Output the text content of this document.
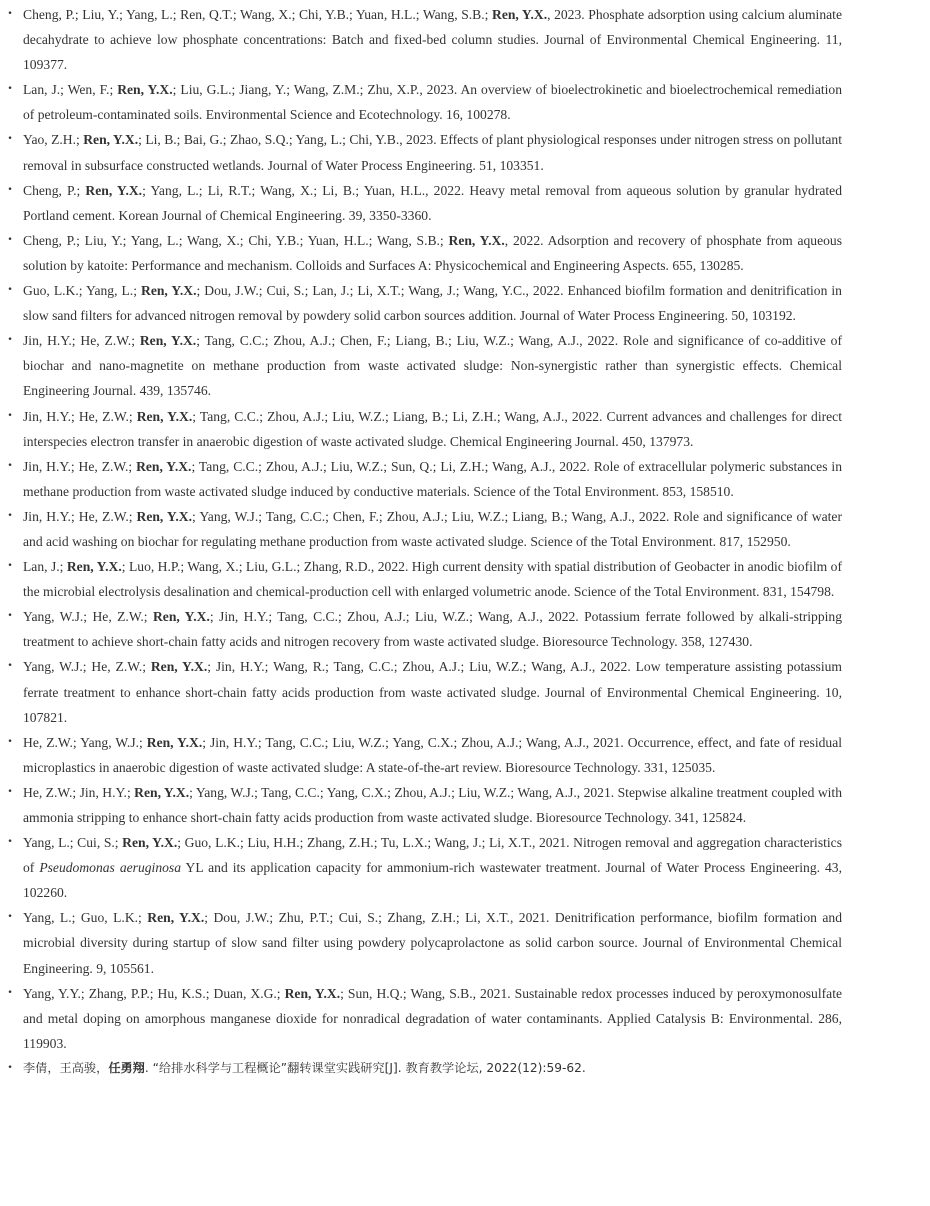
• Cheng, P.; Liu, Y.; Yang, L.; Ren, Q.T.; Wang, X.; Chi, Y.B.; Yuan, H.L.; Wang, S.B.; Ren, Y.X., 2023. Phosphate adsorption using calcium aluminate decahydrate to achieve low phosphate concentrations: Batch and fixed-bed column studies. Journal of Environmental Chemical Engineering. 11, 109377.
• Lan, J.; Wen, F.; Ren, Y.X.; Liu, G.L.; Jiang, Y.; Wang, Z.M.; Zhu, X.P., 2023. An overview of bioelectrokinetic and bioelectrochemical remediation of petroleum-contaminated soils. Environmental Science and Ecotechnology. 16, 100278.
• Yao, Z.H.; Ren, Y.X.; Li, B.; Bai, G.; Zhao, S.Q.; Yang, L.; Chi, Y.B., 2023. Effects of plant physiological responses under nitrogen stress on pollutant removal in subsurface constructed wetlands. Journal of Water Process Engineering. 51, 103351.
• Cheng, P.; Ren, Y.X.; Yang, L.; Li, R.T.; Wang, X.; Li, B.; Yuan, H.L., 2022. Heavy metal removal from aqueous solution by granular hydrated Portland cement. Korean Journal of Chemical Engineering. 39, 3350-3360.
• Cheng, P.; Liu, Y.; Yang, L.; Wang, X.; Chi, Y.B.; Yuan, H.L.; Wang, S.B.; Ren, Y.X., 2022. Adsorption and recovery of phosphate from aqueous solution by katoite: Performance and mechanism. Colloids and Surfaces A: Physicochemical and Engineering Aspects. 655, 130285.
• Guo, L.K.; Yang, L.; Ren, Y.X.; Dou, J.W.; Cui, S.; Lan, J.; Li, X.T.; Wang, J.; Wang, Y.C., 2022. Enhanced biofilm formation and denitrification in slow sand filters for advanced nitrogen removal by powdery solid carbon sources addition. Journal of Water Process Engineering. 50, 103192.
• Jin, H.Y.; He, Z.W.; Ren, Y.X.; Tang, C.C.; Zhou, A.J.; Chen, F.; Liang, B.; Liu, W.Z.; Wang, A.J., 2022. Role and significance of co-additive of biochar and nano-magnetite on methane production from waste activated sludge: Non-synergistic rather than synergistic effects. Chemical Engineering Journal. 439, 135746.
• Jin, H.Y.; He, Z.W.; Ren, Y.X.; Tang, C.C.; Zhou, A.J.; Liu, W.Z.; Liang, B.; Li, Z.H.; Wang, A.J., 2022. Current advances and challenges for direct interspecies electron transfer in anaerobic digestion of waste activated sludge. Chemical Engineering Journal. 450, 137973.
• Jin, H.Y.; He, Z.W.; Ren, Y.X.; Tang, C.C.; Zhou, A.J.; Liu, W.Z.; Sun, Q.; Li, Z.H.; Wang, A.J., 2022. Role of extracellular polymeric substances in methane production from waste activated sludge induced by conductive materials. Science of the Total Environment. 853, 158510.
• Jin, H.Y.; He, Z.W.; Ren, Y.X.; Yang, W.J.; Tang, C.C.; Chen, F.; Zhou, A.J.; Liu, W.Z.; Liang, B.; Wang, A.J., 2022. Role and significance of water and acid washing on biochar for regulating methane production from waste activated sludge. Science of the Total Environment. 817, 152950.
• Lan, J.; Ren, Y.X.; Luo, H.P.; Wang, X.; Liu, G.L.; Zhang, R.D., 2022. High current density with spatial distribution of Geobacter in anodic biofilm of the microbial electrolysis desalination and chemical-production cell with enlarged volumetric anode. Science of the Total Environment. 831, 154798.
• Yang, W.J.; He, Z.W.; Ren, Y.X.; Jin, H.Y.; Tang, C.C.; Zhou, A.J.; Liu, W.Z.; Wang, A.J., 2022. Potassium ferrate followed by alkali-stripping treatment to achieve short-chain fatty acids and nitrogen recovery from waste activated sludge. Bioresource Technology. 358, 127430.
• Yang, W.J.; He, Z.W.; Ren, Y.X.; Jin, H.Y.; Wang, R.; Tang, C.C.; Zhou, A.J.; Liu, W.Z.; Wang, A.J., 2022. Low temperature assisting potassium ferrate treatment to enhance short-chain fatty acids production from waste activated sludge. Journal of Environmental Chemical Engineering. 10, 107821.
• He, Z.W.; Yang, W.J.; Ren, Y.X.; Jin, H.Y.; Tang, C.C.; Liu, W.Z.; Yang, C.X.; Zhou, A.J.; Wang, A.J., 2021. Occurrence, effect, and fate of residual microplastics in anaerobic digestion of waste activated sludge: A state-of-the-art review. Bioresource Technology. 331, 125035.
• He, Z.W.; Jin, H.Y.; Ren, Y.X.; Yang, W.J.; Tang, C.C.; Yang, C.X.; Zhou, A.J.; Liu, W.Z.; Wang, A.J., 2021. Stepwise alkaline treatment coupled with ammonia stripping to enhance short-chain fatty acids production from waste activated sludge. Bioresource Technology. 341, 125824.
• Yang, L.; Cui, S.; Ren, Y.X.; Guo, L.K.; Liu, H.H.; Zhang, Z.H.; Tu, L.X.; Wang, J.; Li, X.T., 2021. Nitrogen removal and aggregation characteristics of Pseudomonas aeruginosa YL and its application capacity for ammonium-rich wastewater treatment. Journal of Water Process Engineering. 43, 102260.
• Yang, L.; Guo, L.K.; Ren, Y.X.; Dou, J.W.; Zhu, P.T.; Cui, S.; Zhang, Z.H.; Li, X.T., 2021. Denitrification performance, biofilm formation and microbial diversity during startup of slow sand filter using powdery polycaprolactone as solid carbon source. Journal of Environmental Chemical Engineering. 9, 105561.
• Yang, Y.Y.; Zhang, P.P.; Hu, K.S.; Duan, X.G.; Ren, Y.X.; Sun, H.Q.; Wang, S.B., 2021. Sustainable redox processes induced by peroxymonosulfate and metal doping on amorphous manganese dioxide for nonradical degradation of water contaminants. Applied Catalysis B: Environmental. 286, 119903.
• 李倩，王高骏，任勇翔. “给排水科学与工程概论”翻转课堂实践研究[J]. 教育教学论坛, 2022(12):59-62.
